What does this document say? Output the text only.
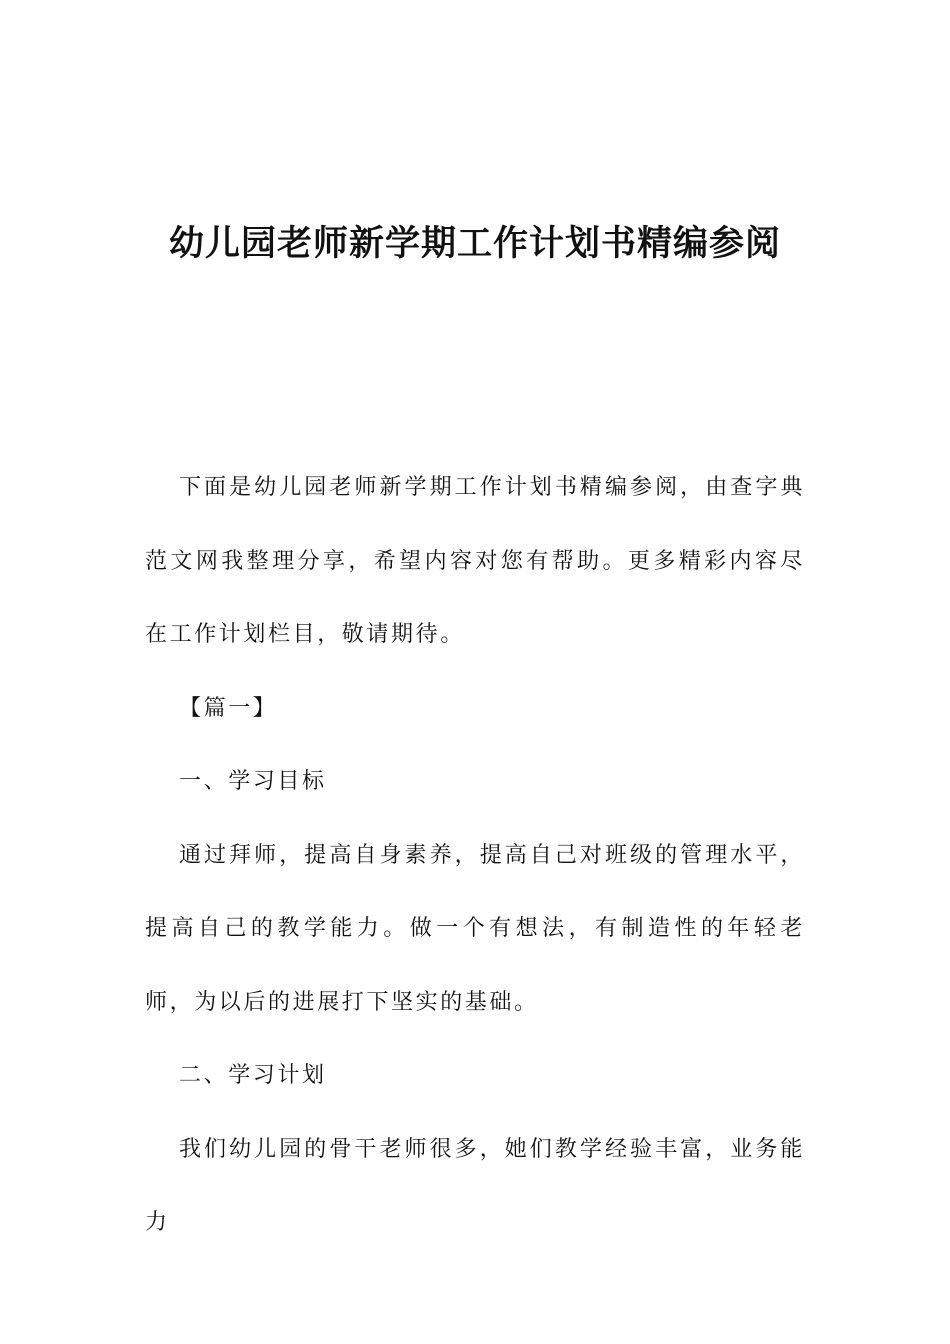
幼儿园老师新学期工作计划书精编参阅

下面是幼儿园老师新学期工作计划书精编参阅，由查字典范文网我整理分享，希望内容对您有帮助。更多精彩内容尽在工作计划栏目，敬请期待。

【篇一】

一、学习目标

通过拜师，提高自身素养，提高自己对班级的管理水平，提高自己的教学能力。做一个有想法，有制造性的年轻老师，为以后的进展打下坚实的基础。

二、学习计划

我们幼儿园的骨干老师很多，她们教学经验丰富，业务能力
